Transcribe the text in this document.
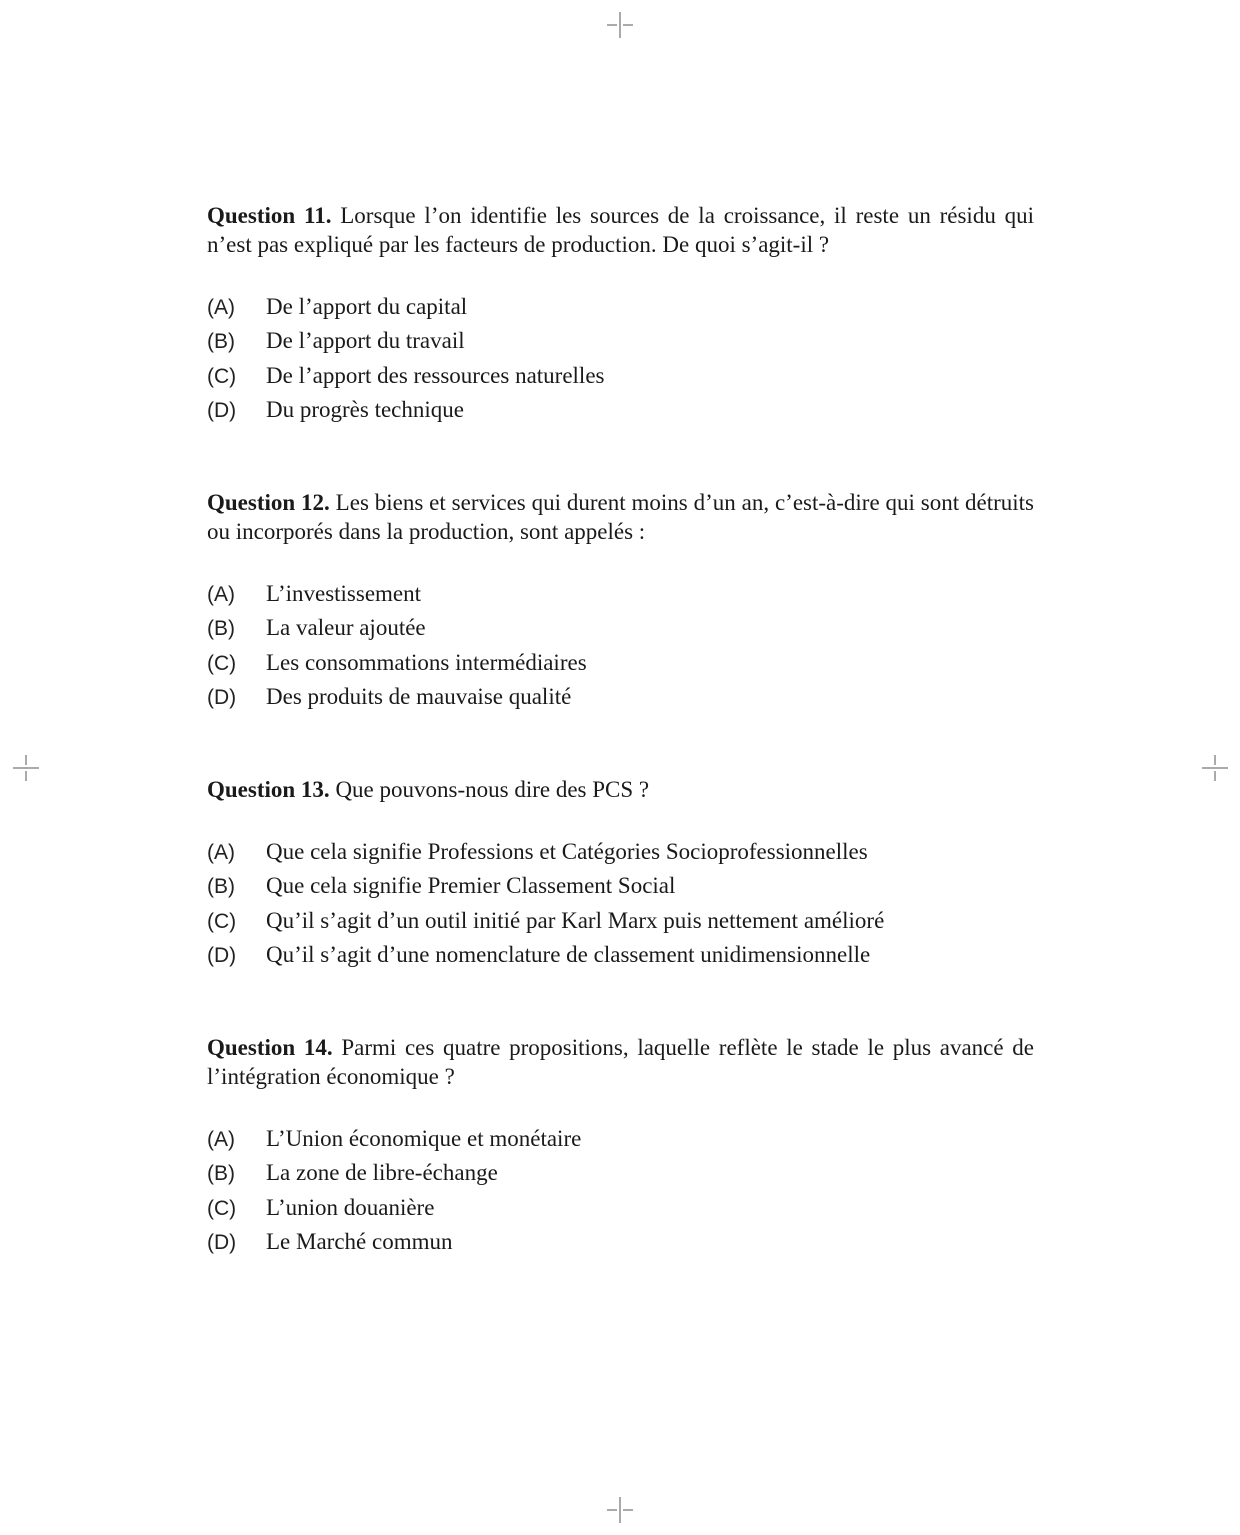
Question 11. Lorsque l’on identifie les sources de la croissance, il reste un résidu qui n’est pas expliqué par les facteurs de production. De quoi s’agit-il ?

(A)	De l’apport du capital
(B)	De l’apport du travail
(C)	De l’apport des ressources naturelles
(D)	Du progrès technique

Question 12. Les biens et services qui durent moins d’un an, c’est-à-dire qui sont détruits ou incorporés dans la production, sont appelés :

(A)	L’investissement
(B)	La valeur ajoutée
(C)	Les consommations intermédiaires
(D)	Des produits de mauvaise qualité

Question 13. Que pouvons-nous dire des PCS ?

(A)	Que cela signifie Professions et Catégories Socioprofessionnelles
(B)	Que cela signifie Premier Classement Social
(C)	Qu’il s’agit d’un outil initié par Karl Marx puis nettement amélioré
(D)	Qu’il s’agit d’une nomenclature de classement unidimensionnelle

Question 14. Parmi ces quatre propositions, laquelle reflète le stade le plus avancé de l’intégration économique ?

(A)	L’Union économique et monétaire
(B)	La zone de libre-échange
(C)	L’union douanière
(D)	Le Marché commun
